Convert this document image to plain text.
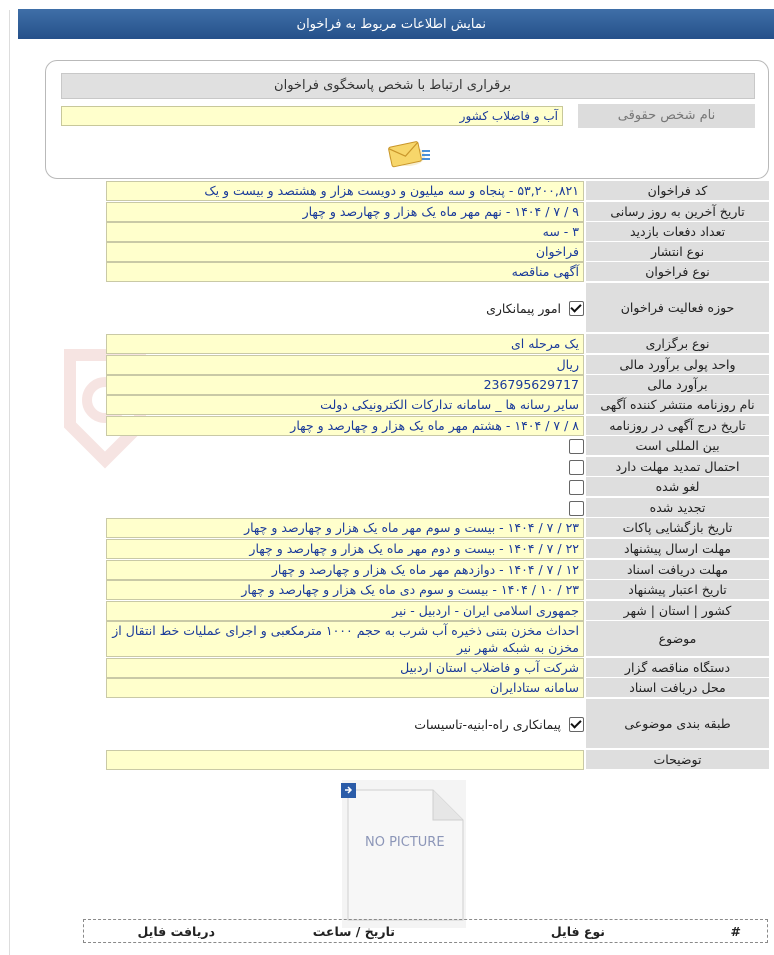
نمایش اطلاعات مربوط به فراخوان
برقراری ارتباط با شخص پاسخگوی فراخوان
نام شخص حقوقی
آب و فاضلاب کشور
کد فراخوان
۵۳,۲۰۰,۸۲۱ - پنجاه و سه میلیون و دویست هزار و هشتصد و بیست و یک
تاریخ آخرین به روز رسانی
۹ / ۷ / ۱۴۰۴ - نهم مهر ماه یک هزار و چهارصد و چهار
تعداد دفعات بازدید
۳ - سه
نوع انتشار
فراخوان
نوع فراخوان
آگهی مناقصه
حوزه فعالیت فراخوان
امور پیمانکاری
نوع برگزاری
یک مرحله ای
واحد پولی برآورد مالی
ریال
برآورد مالی
236795629717
نام روزنامه منتشر کننده آگهی
سایر رسانه ها _ سامانه تدارکات الکترونیکی دولت
تاریخ درج آگهی در روزنامه
۸ / ۷ / ۱۴۰۴ - هشتم مهر ماه یک هزار و چهارصد و چهار
بین المللی است
احتمال تمدید مهلت دارد
لغو شده
تجدید شده
تاریخ بازگشایی پاکات
۲۳ / ۷ / ۱۴۰۴ - بیست و سوم مهر ماه یک هزار و چهارصد و چهار
مهلت ارسال پیشنهاد
۲۲ / ۷ / ۱۴۰۴ - بیست و دوم مهر ماه یک هزار و چهارصد و چهار
مهلت دریافت اسناد
۱۲ / ۷ / ۱۴۰۴ - دوازدهم مهر ماه یک هزار و چهارصد و چهار
تاریخ اعتبار پیشنهاد
۲۳ / ۱۰ / ۱۴۰۴ - بیست و سوم دی ماه یک هزار و چهارصد و چهار
کشور | استان | شهر
جمهوری اسلامی ایران - اردبیل - نیر
موضوع
احداث مخزن بتنی ذخیره آب شرب به حجم ۱۰۰۰ مترمکعبی و اجرای عملیات خط انتقال از مخزن به شبکه شهر نیر
دستگاه مناقصه گزار
شرکت آب و فاضلاب استان اردبیل
محل دریافت اسناد
سامانه ستادایران
طبقه بندی موضوعی
پیمانکاری راه-ابنیه-تاسیسات
توضیحات
NO PICTURE
#
نوع فایل
تاریخ / ساعت
دریافت فایل
